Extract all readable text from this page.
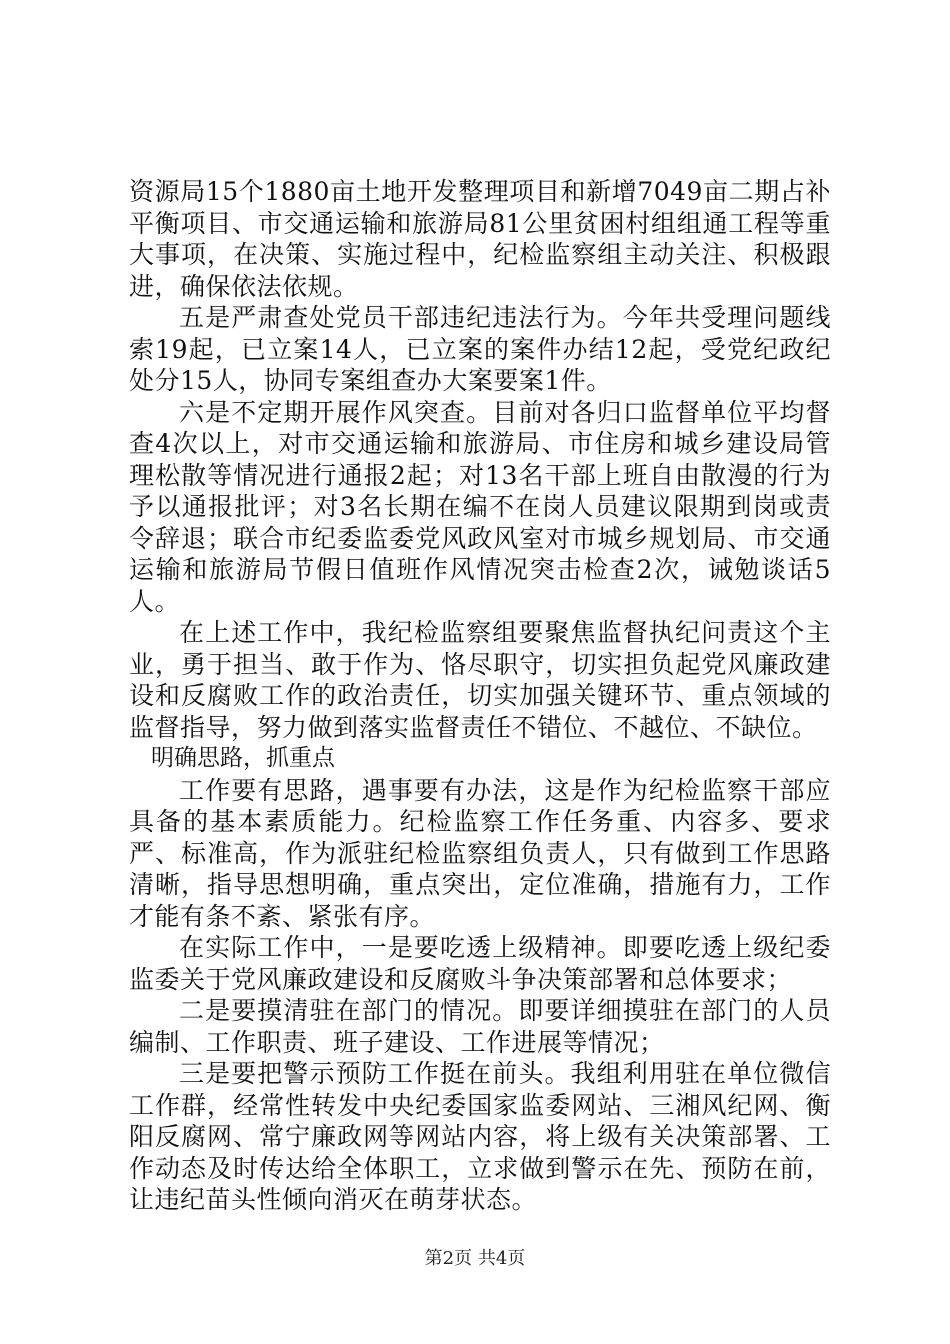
资源局15个1880亩土地开发整理项目和新增7049亩二期占补平衡项目、市交通运输和旅游局81公里贫困村组组通工程等重大事项，在决策、实施过程中，纪检监察组主动关注、积极跟进，确保依法依规。

五是严肃查处党员干部违纪违法行为。今年共受理问题线索19起，已立案14人，已立案的案件办结12起，受党纪政纪处分15人，协同专案组查办大案要案1件。

六是不定期开展作风突查。目前对各归口监督单位平均督查4次以上，对市交通运输和旅游局、市住房和城乡建设局管理松散等情况进行通报2起；对13名干部上班自由散漫的行为予以通报批评；对3名长期在编不在岗人员建议限期到岗或责令辞退；联合市纪委监委党风政风室对市城乡规划局、市交通运输和旅游局节假日值班作风情况突击检查2次，诫勉谈话5人。

在上述工作中，我纪检监察组要聚焦监督执纪问责这个主业，勇于担当、敢于作为、恪尽职守，切实担负起党风廉政建设和反腐败工作的政治责任，切实加强关键环节、重点领域的监督指导，努力做到落实监督责任不错位、不越位、不缺位。

明确思路，抓重点

工作要有思路，遇事要有办法，这是作为纪检监察干部应具备的基本素质能力。纪检监察工作任务重、内容多、要求严、标准高，作为派驻纪检监察组负责人，只有做到工作思路清晰，指导思想明确，重点突出，定位准确，措施有力，工作才能有条不紊、紧张有序。

在实际工作中，一是要吃透上级精神。即要吃透上级纪委监委关于党风廉政建设和反腐败斗争决策部署和总体要求；

二是要摸清驻在部门的情况。即要详细摸驻在部门的人员编制、工作职责、班子建设、工作进展等情况；

三是要把警示预防工作挺在前头。我组利用驻在单位微信工作群，经常性转发中央纪委国家监委网站、三湘风纪网、衡阳反腐网、常宁廉政网等网站内容，将上级有关决策部署、工作动态及时传达给全体职工，立求做到警示在先、预防在前，让违纪苗头性倾向消灭在萌芽状态。

第2页 共4页
